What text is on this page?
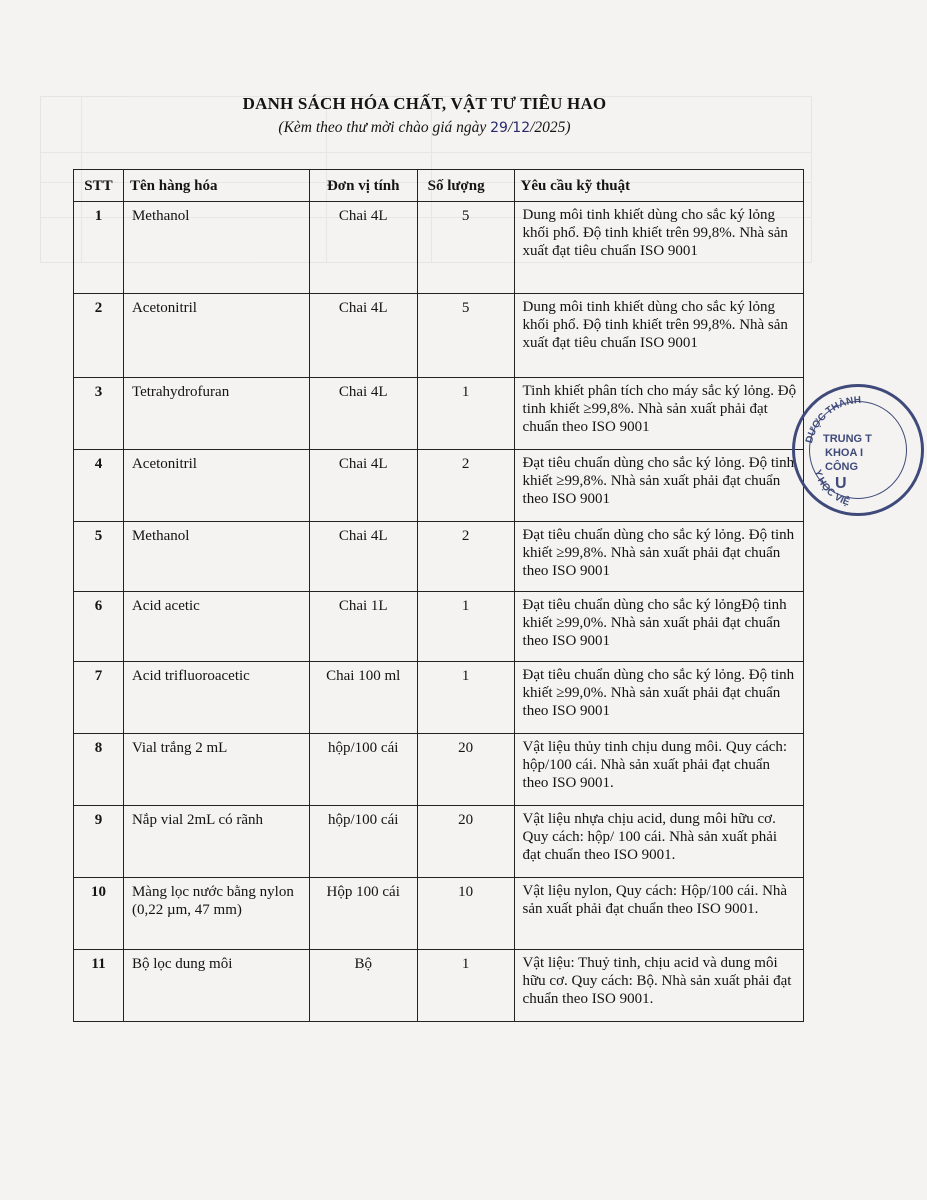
DANH SÁCH HÓA CHẤT, VẬT TƯ TIÊU HAO
(Kèm theo thư mời chào giá ngày 29/12/2025)
STT	Tên hàng hóa	Đơn vị tính	Số lượng	Yêu cầu kỹ thuật
1	Methanol	Chai 4L	5	Dung môi tinh khiết dùng cho sắc ký lỏng khối phổ. Độ tinh khiết trên 99,8%. Nhà sản xuất đạt tiêu chuẩn ISO 9001
2	Acetonitril	Chai 4L	5	Dung môi tinh khiết dùng cho sắc ký lỏng khối phổ. Độ tinh khiết trên 99,8%. Nhà sản xuất đạt tiêu chuẩn ISO 9001
3	Tetrahydrofuran	Chai 4L	1	Tinh khiết phân tích cho máy sắc ký lỏng. Độ tinh khiết ≥99,8%. Nhà sản xuất phải đạt chuẩn theo ISO 9001
4	Acetonitril	Chai 4L	2	Đạt tiêu chuẩn dùng cho sắc ký lỏng. Độ tinh khiết ≥99,8%. Nhà sản xuất phải đạt chuẩn theo ISO 9001
5	Methanol	Chai 4L	2	Đạt tiêu chuẩn dùng cho sắc ký lỏng. Độ tinh khiết ≥99,8%. Nhà sản xuất phải đạt chuẩn theo ISO 9001
6	Acid acetic	Chai 1L	1	Đạt tiêu chuẩn dùng cho sắc ký lỏngĐộ tinh khiết ≥99,0%. Nhà sản xuất phải đạt chuẩn theo ISO 9001
7	Acid trifluoroacetic	Chai 100 ml	1	Đạt tiêu chuẩn dùng cho sắc ký lỏng. Độ tinh khiết ≥99,0%. Nhà sản xuất phải đạt chuẩn theo ISO 9001
8	Vial trắng 2 mL	hộp/100 cái	20	Vật liệu thủy tinh chịu dung môi. Quy cách: hộp/100 cái. Nhà sản xuất phải đạt chuẩn theo ISO 9001.
9	Nắp vial 2mL có rãnh	hộp/100 cái	20	Vật liệu nhựa chịu acid, dung môi hữu cơ. Quy cách: hộp/ 100 cái. Nhà sản xuất phải đạt chuẩn theo ISO 9001.
10	Màng lọc nước bằng nylon (0,22 µm, 47 mm)	Hộp 100 cái	10	Vật liệu nylon, Quy cách: Hộp/100 cái. Nhà sản xuất phải đạt chuẩn theo ISO 9001.
11	Bộ lọc dung môi	Bộ	1	Vật liệu: Thuỷ tinh, chịu acid và dung môi hữu cơ. Quy cách: Bộ. Nhà sản xuất phải đạt chuẩn theo ISO 9001.
DƯỢC THÀNH
Y HỌC VIỆ
TRUNG T
KHOA I
CÔNG
U
